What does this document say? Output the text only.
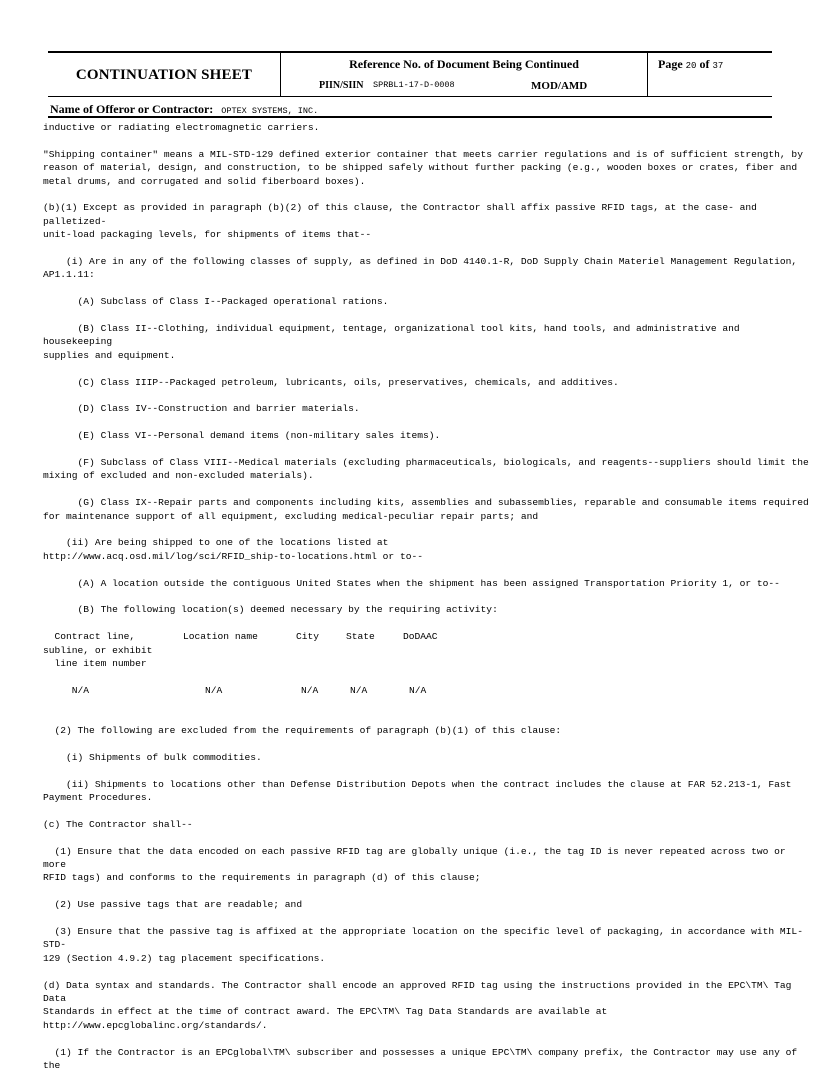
CONTINUATION SHEET
Reference No. of Document Being Continued
PIIN/SIIN SPRBL1-17-D-0008	MOD/AMD
Page 20 of 37
Name of Offeror or Contractor: OPTEX SYSTEMS, INC.

inductive or radiating electromagnetic carriers.

"Shipping container" means a MIL-STD-129 defined exterior container that meets carrier regulations and is of sufficient strength, by
reason of material, design, and construction, to be shipped safely without further packing (e.g., wooden boxes or crates, fiber and
metal drums, and corrugated and solid fiberboard boxes).

(b)(1) Except as provided in paragraph (b)(2) of this clause, the Contractor shall affix passive RFID tags, at the case- and palletized-
unit-load packaging levels, for shipments of items that--

(i) Are in any of the following classes of supply, as defined in DoD 4140.1-R, DoD Supply Chain Materiel Management Regulation,
AP1.1.11:

(A) Subclass of Class I--Packaged operational rations.

(B) Class II--Clothing, individual equipment, tentage, organizational tool kits, hand tools, and administrative and housekeeping
supplies and equipment.

(C) Class IIIP--Packaged petroleum, lubricants, oils, preservatives, chemicals, and additives.

(D) Class IV--Construction and barrier materials.

(E) Class VI--Personal demand items (non-military sales items).

(F) Subclass of Class VIII--Medical materials (excluding pharmaceuticals, biologicals, and reagents--suppliers should limit the
mixing of excluded and non-excluded materials).

(G) Class IX--Repair parts and components including kits, assemblies and subassemblies, reparable and consumable items required
for maintenance support of all equipment, excluding medical-peculiar repair parts; and

(ii) Are being shipped to one of the locations listed at
http://www.acq.osd.mil/log/sci/RFID_ship-to-locations.html or to--

(A) A location outside the contiguous United States when the shipment has been assigned Transportation Priority 1, or to--

(B) The following location(s) deemed necessary by the requiring activity:

Contract line,
subline, or exhibit
line item number	Location name	City	State	DoDAAC

N/A	N/A	N/A	N/A	N/A

(2) The following are excluded from the requirements of paragraph (b)(1) of this clause:

(i) Shipments of bulk commodities.

(ii) Shipments to locations other than Defense Distribution Depots when the contract includes the clause at FAR 52.213-1, Fast
Payment Procedures.

(c) The Contractor shall--

(1) Ensure that the data encoded on each passive RFID tag are globally unique (i.e., the tag ID is never repeated across two or more
RFID tags) and conforms to the requirements in paragraph (d) of this clause;

(2) Use passive tags that are readable; and

(3) Ensure that the passive tag is affixed at the appropriate location on the specific level of packaging, in accordance with MIL-STD-
129 (Section 4.9.2) tag placement specifications.

(d) Data syntax and standards. The Contractor shall encode an approved RFID tag using the instructions provided in the EPC\TM\ Tag Data
Standards in effect at the time of contract award. The EPC\TM\ Tag Data Standards are available at
http://www.epcglobalinc.org/standards/.

(1) If the Contractor is an EPCglobal\TM\ subscriber and possesses a unique EPC\TM\ company prefix, the Contractor may use any of the
